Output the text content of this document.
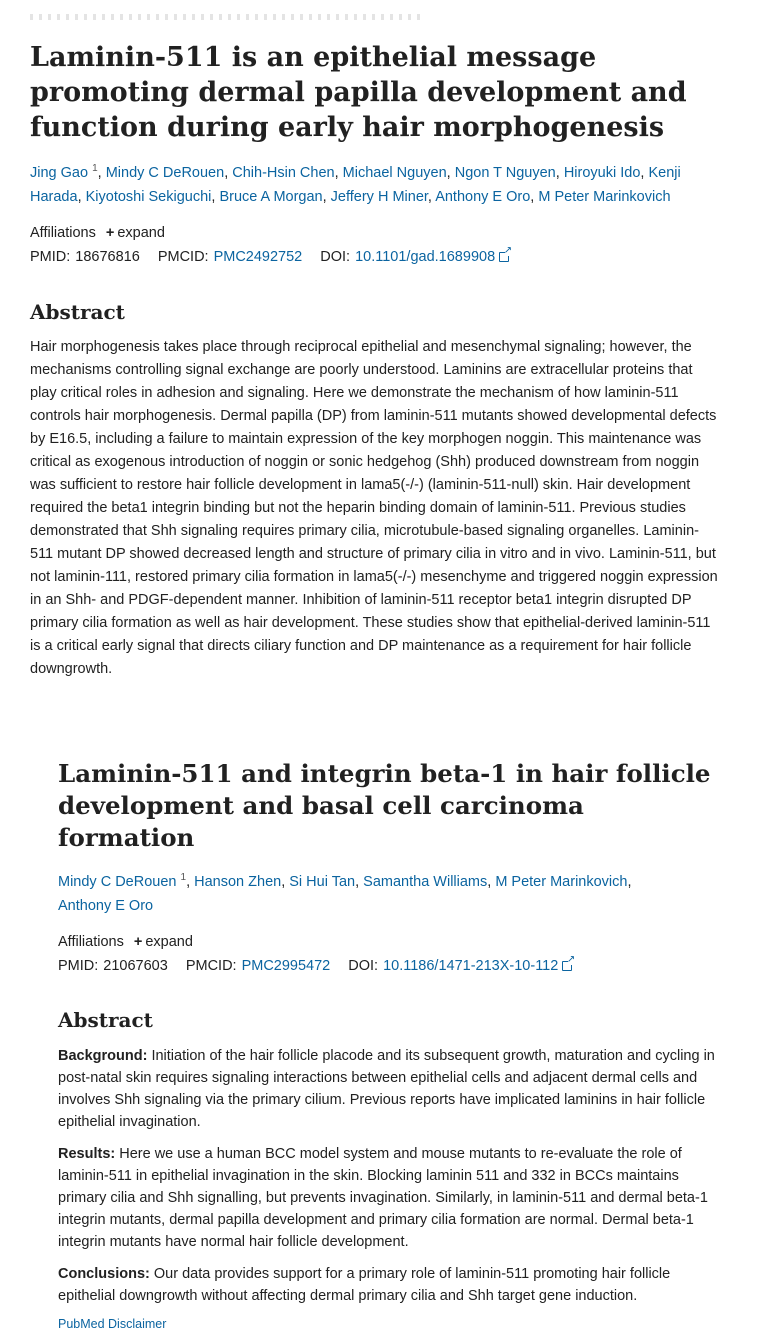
Laminin-511 is an epithelial message promoting dermal papilla development and function during early hair morphogenesis
Jing Gao $^1$, Mindy C DeRouen, Chih-Hsin Chen, Michael Nguyen, Ngon T Nguyen, Hiroyuki Ido, Kenji Harada, Kiyotoshi Sekiguchi, Bruce A Morgan, Jeffery H Miner, Anthony E Oro, M Peter Marinkovich
Affiliations + expand
PMID: 18676816 PMCID: PMC2492752 DOI: 10.1101/gad.1689908↗
Abstract

Hair morphogenesis takes place through reciprocal epithelial and mesenchymal signaling; however, the mechanisms controlling signal exchange are poorly understood. Laminins are extracellular proteins that play critical roles in adhesion and signaling. Here we demonstrate the mechanism of how laminin-511 controls hair morphogenesis. Dermal papilla (DP) from laminin-511 mutants showed developmental defects by E16.5, including a failure to maintain expression of the key morphogen noggin. This maintenance was critical as exogenous introduction of noggin or sonic hedgehog (Shh) produced downstream from noggin was sufficient to restore hair follicle development in lama5(-/-) (laminin-511-null) skin. Hair development required the beta1 integrin binding but not the heparin binding domain of laminin-511. Previous studies demonstrated that Shh signaling requires primary cilia, microtubule-based signaling organelles. Laminin-511 mutant DP showed decreased length and structure of primary cilia in vitro and in vivo. Laminin-511, but not laminin-111, restored primary cilia formation in lama5(-/-) mesenchyme and triggered noggin expression in an Shh- and PDGF-dependent manner. Inhibition of laminin-511 receptor beta1 integrin disrupted DP primary cilia formation as well as hair development. These studies show that epithelial-derived laminin-511 is a critical early signal that directs ciliary function and DP maintenance as a requirement for hair follicle downgrowth.

Laminin-511 and integrin beta-1 in hair follicle development and basal cell carcinoma formation
Mindy C DeRouen $^1$, Hanson Zhen, Si Hui Tan, Samantha Williams, M Peter Marinkovich,
Anthony E Oro
Affiliations + expand
PMID: 21067603 PMCID: PMC2995472 DOI: 10.1186/1471-213X-10-112↗
Abstract

Background: Initiation of the hair follicle placode and its subsequent growth, maturation and cycling in post-natal skin requires signaling interactions between epithelial cells and adjacent dermal cells and involves Shh signaling via the primary cilium. Previous reports have implicated laminins in hair follicle epithelial invagination.

Results: Here we use a human BCC model system and mouse mutants to re-evaluate the role of laminin-511 in epithelial invagination in the skin. Blocking laminin 511 and 332 in BCCs maintains primary cilia and Shh signalling, but prevents invagination. Similarly, in laminin-511 and dermal beta-1 integrin mutants, dermal papilla development and primary cilia formation are normal. Dermal beta-1 integrin mutants have normal hair follicle development.

Conclusions: Our data provides support for a primary role of laminin-511 promoting hair follicle epithelial downgrowth without affecting dermal primary cilia and Shh target gene induction.

PubMed Disclaimer
